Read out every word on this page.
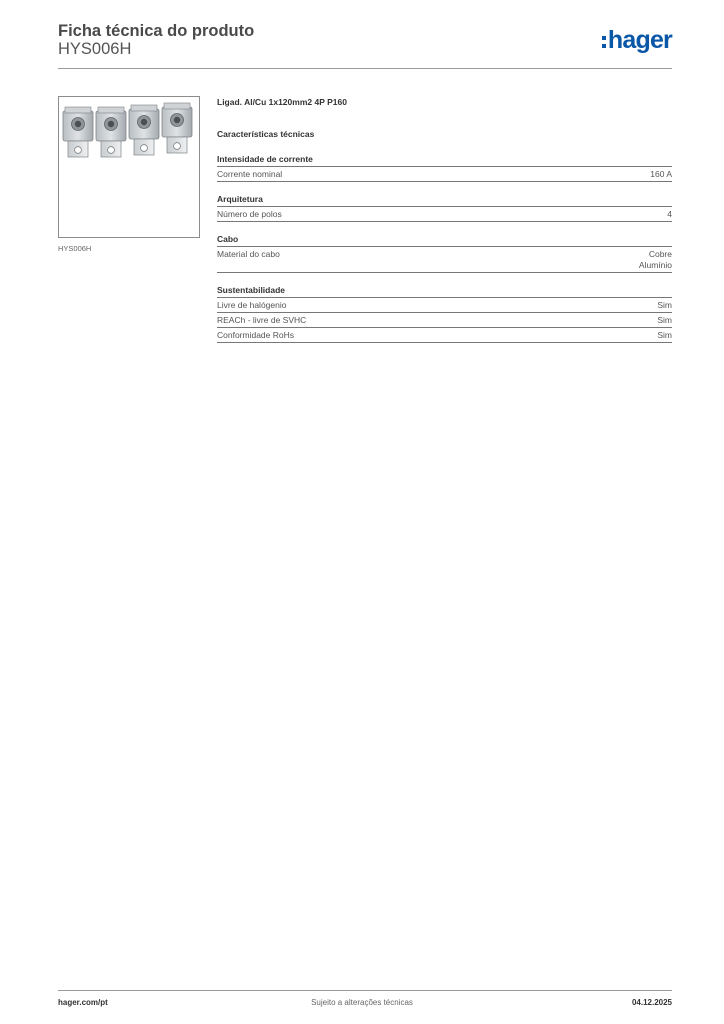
Ficha técnica do produto
HYS006H	hager
HYS006H
Ligad. Al/Cu 1x120mm2 4P P160
Características técnicas
Intensidade de corrente
Corrente nominal	160 A
Arquitetura
Número de polos	4
Cabo
Material do cabo	Cobre
Alumínio
Sustentabilidade
Livre de halógenio	Sim
REACh - livre de SVHC	Sim
Conformidade RoHs	Sim
hager.com/pt	Sujeito a alterações técnicas	04.12.2025
